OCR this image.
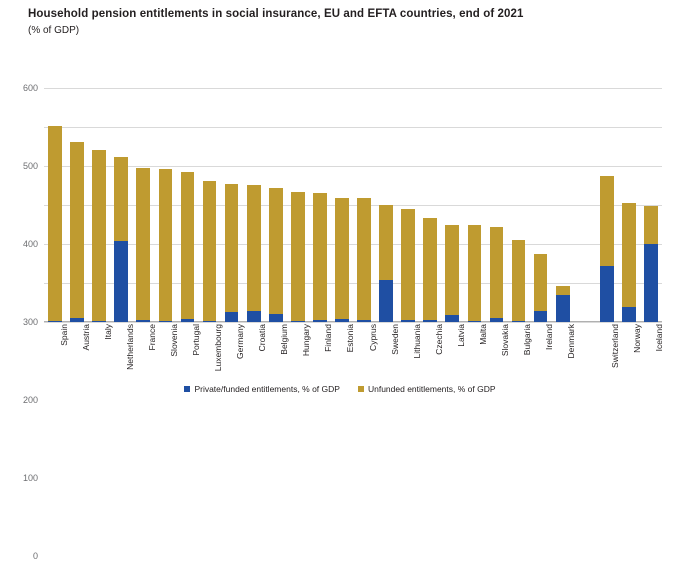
Household pension entitlements in social insurance, EU and EFTA countries, end of 2021
(% of GDP)
0
100
200
300
400
500
600
Spain Austria Italy Netherlands France Slovenia Portugal Luxembourg Germany Croatia Belgium Hungary Finland Estonia Cyprus Sweden Lithuania Czechia Latvia Malta Slovakia Bulgaria Ireland Denmark	Switzerland Norway Iceland
Private/funded entitlements, % of GDP	Unfunded entitlements, % of GDP
